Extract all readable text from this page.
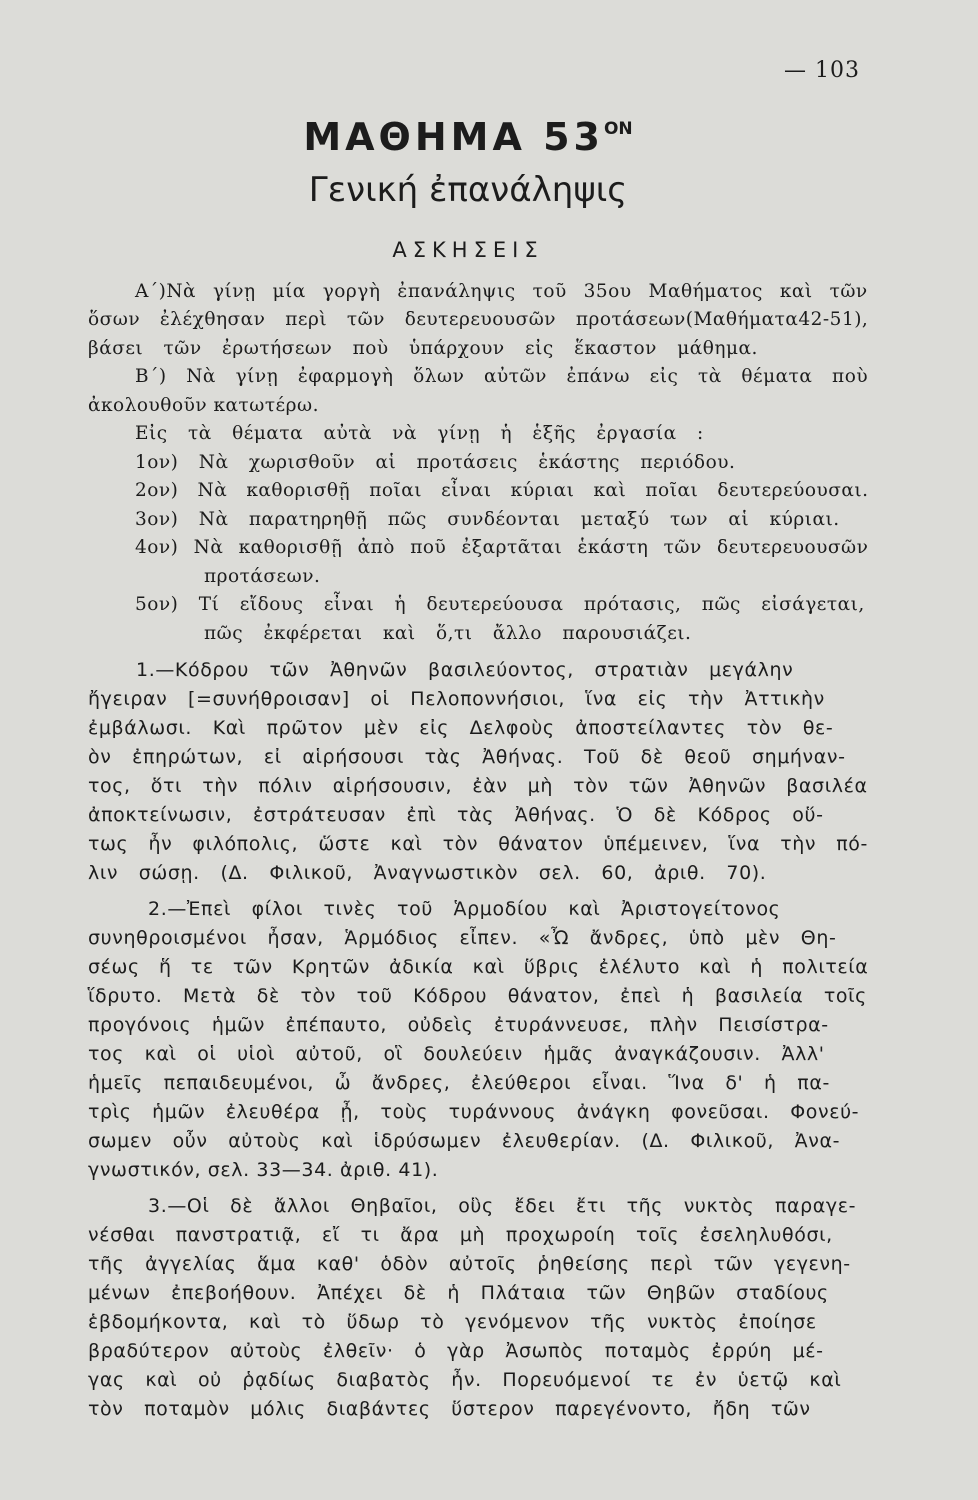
— 103
ΜΑΘΗΜΑ $53^{ON}$
Γενική ἐπανάληψις
ΑΣΚΗΣΕΙΣ
Α΄)Νὰ γίνῃ μία γοργὴ ἐπανάληψις τοῦ 35ου Μαθήματος καὶ τῶν
ὅσων ἐλέχθησαν περὶ τῶν δευτερευουσῶν προτάσεων(Μαθήματα42-51),
βάσει τῶν ἐρωτήσεων ποὺ ὑπάρχουν εἰς ἕκαστον μάθημα.
Β΄) Νὰ γίνῃ ἐφαρμογὴ ὅλων αὐτῶν ἐπάνω εἰς τὰ θέματα ποὺ
ἀκολουθοῦν κατωτέρω.
Εἰς τὰ θέματα αὐτὰ νὰ γίνῃ ἡ ἑξῆς ἐργασία :
1ον) Νὰ χωρισθοῦν αἱ προτάσεις ἑκάστης περιόδου.
2ον) Νὰ καθορισθῇ ποῖαι εἶναι κύριαι καὶ ποῖαι δευτερεύουσαι.
3ον) Νὰ παρατηρηθῇ πῶς συνδέονται μεταξύ των αἱ κύριαι.
4ον) Νὰ καθορισθῇ ἀπὸ ποῦ ἐξαρτᾶται ἑκάστη τῶν δευτερευουσῶν
προτάσεων.
5ον) Τί εἴδους εἶναι ἡ δευτερεύουσα πρότασις, πῶς εἰσάγεται,
πῶς ἐκφέρεται καὶ ὅ,τι ἄλλο παρουσιάζει.
1.—Κόδρου τῶν Ἀθηνῶν βασιλεύοντος, στρατιὰν μεγάλην
ἤγειραν [=συνήθροισαν] οἱ Πελοποννήσιοι, ἵνα εἰς τὴν Ἀττικὴν
ἐμβάλωσι. Καὶ πρῶτον μὲν εἰς Δελφοὺς ἀποστείλαντες τὸν θε-
ὸν ἐπηρώτων, εἰ αἱρήσουσι τὰς Ἀθήνας. Τοῦ δὲ θεοῦ σημήναν-
τος, ὅτι τὴν πόλιν αἱρήσουσιν, ἐὰν μὴ τὸν τῶν Ἀθηνῶν βασιλέα
ἀποκτείνωσιν, ἐστράτευσαν ἐπὶ τὰς Ἀθήνας. Ὁ δὲ Κόδρος οὕ-
τως ἦν φιλόπολις, ὥστε καὶ τὸν θάνατον ὑπέμεινεν, ἵνα τὴν πό-
λιν σώσῃ. (Δ. Φιλικοῦ, Ἀναγνωστικὸν σελ. 60, ἀριθ. 70).
2.—Ἐπεὶ φίλοι τινὲς τοῦ Ἁρμοδίου καὶ Ἀριστογείτονος
συνηθροισμένοι ἦσαν, Ἁρμόδιος εἶπεν. «Ὦ ἄνδρες, ὑπὸ μὲν Θη-
σέως ἥ τε τῶν Κρητῶν ἀδικία καὶ ὕβρις ἐλέλυτο καὶ ἡ πολιτεία
ἵδρυτο. Μετὰ δὲ τὸν τοῦ Κόδρου θάνατον, ἐπεὶ ἡ βασιλεία τοῖς
προγόνοις ἡμῶν ἐπέπαυτο, οὐδεὶς ἐτυράννευσε, πλὴν Πεισίστρα-
τος καὶ οἱ υἱοὶ αὐτοῦ, οἳ δουλεύειν ἡμᾶς ἀναγκάζουσιν. Ἀλλ'
ἡμεῖς πεπαιδευμένοι, ὦ ἄνδρες, ἐλεύθεροι εἶναι. Ἵνα δ' ἡ πα-
τρὶς ἡμῶν ἐλευθέρα ᾖ, τοὺς τυράννους ἀνάγκη φονεῦσαι. Φονεύ-
σωμεν οὖν αὐτοὺς καὶ ἱδρύσωμεν ἐλευθερίαν. (Δ. Φιλικοῦ, Ἀνα-
γνωστικόν, σελ. 33—34. ἀριθ. 41).
3.—Οἱ δὲ ἄλλοι Θηβαῖοι, οὓς ἔδει ἔτι τῆς νυκτὸς παραγε-
νέσθαι πανστρατιᾷ, εἴ τι ἄρα μὴ προχωροίη τοῖς ἐσεληλυθόσι,
τῆς ἀγγελίας ἅμα καθ' ὁδὸν αὐτοῖς ῥηθείσης περὶ τῶν γεγενη-
μένων ἐπεβοήθουν. Ἀπέχει δὲ ἡ Πλάταια τῶν Θηβῶν σταδίους
ἑβδομήκοντα, καὶ τὸ ὕδωρ τὸ γενόμενον τῆς νυκτὸς ἐποίησε
βραδύτερον αὐτοὺς ἐλθεῖν· ὁ γὰρ Ἀσωπὸς ποταμὸς ἐρρύη μέ-
γας καὶ οὐ ῥᾳδίως διαβατὸς ἦν. Πορευόμενοί τε ἐν ὑετῷ καὶ
τὸν ποταμὸν μόλις διαβάντες ὕστερον παρεγένοντο, ἤδη τῶν
